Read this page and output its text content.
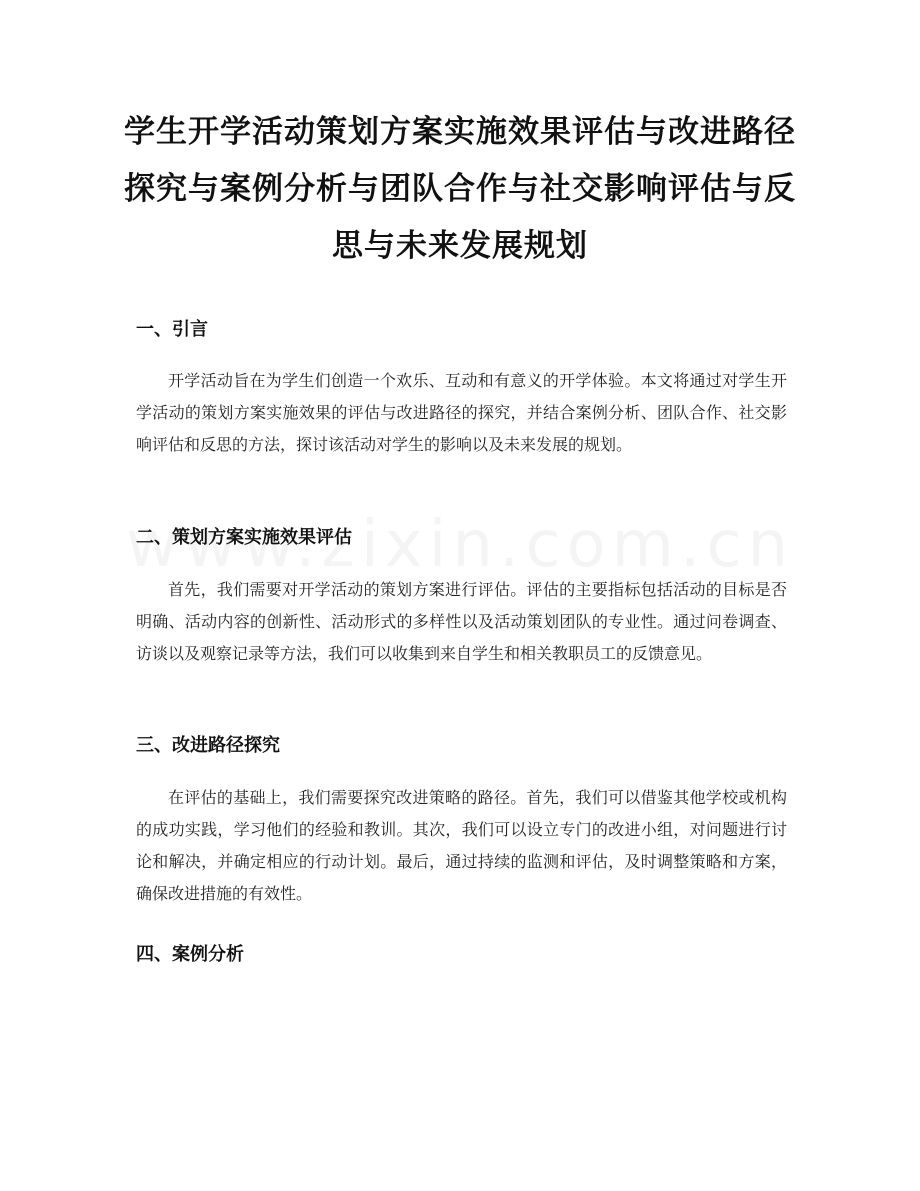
学生开学活动策划方案实施效果评估与改进路径探究与案例分析与团队合作与社交影响评估与反思与未来发展规划
一、引言

开学活动旨在为学生们创造一个欢乐、互动和有意义的开学体验。本文将通过对学生开学活动的策划方案实施效果的评估与改进路径的探究，并结合案例分析、团队合作、社交影响评估和反思的方法，探讨该活动对学生的影响以及未来发展的规划。

二、策划方案实施效果评估

首先，我们需要对开学活动的策划方案进行评估。评估的主要指标包括活动的目标是否明确、活动内容的创新性、活动形式的多样性以及活动策划团队的专业性。通过问卷调查、访谈以及观察记录等方法，我们可以收集到来自学生和相关教职员工的反馈意见。

三、改进路径探究

在评估的基础上，我们需要探究改进策略的路径。首先，我们可以借鉴其他学校或机构的成功实践，学习他们的经验和教训。其次，我们可以设立专门的改进小组，对问题进行讨论和解决，并确定相应的行动计划。最后，通过持续的监测和评估，及时调整策略和方案，确保改进措施的有效性。

四、案例分析
